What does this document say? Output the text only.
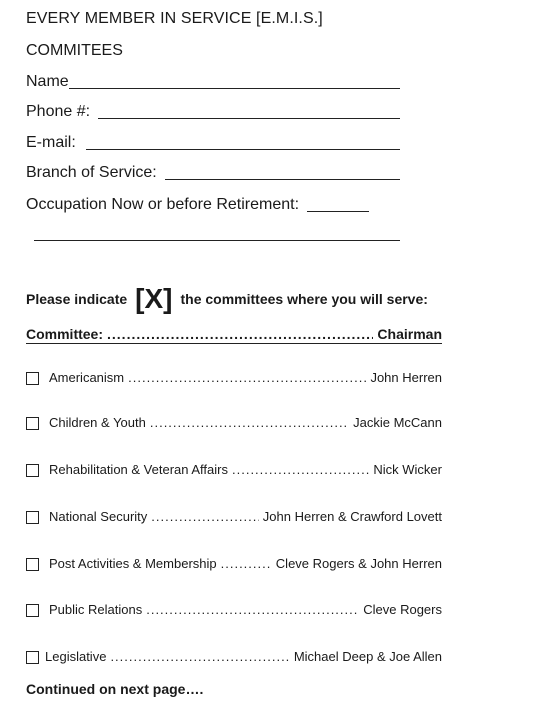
EVERY MEMBER IN SERVICE [E.M.I.S.]
COMMITEES
Name
Phone #:
E-mail:
Branch of Service:
Occupation Now or before Retirement:
Please indicate [X] the committees where you will serve:
Committee: .....	Chairman
Americanism .....	John Herren
Children & Youth .....	Jackie McCann
Rehabilitation & Veteran Affairs .....	Nick Wicker
National Security .....	John Herren & Crawford Lovett
Post Activities & Membership .....	Cleve Rogers & John Herren
Public Relations .....	Cleve Rogers
Legislative .....	Michael Deep & Joe Allen
Continued on next page….
